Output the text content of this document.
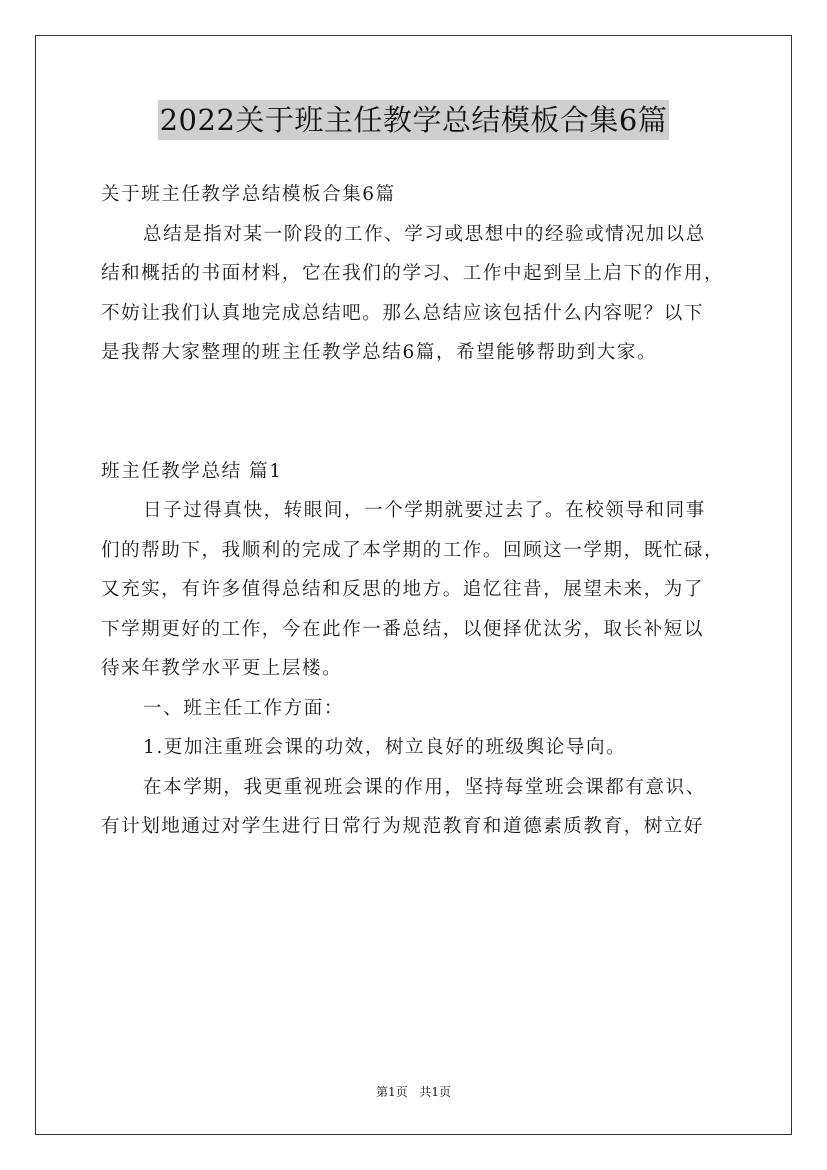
2022关于班主任教学总结模板合集6篇
关于班主任教学总结模板合集6篇
总结是指对某一阶段的工作、学习或思想中的经验或情况加以总
结和概括的书面材料，它在我们的学习、工作中起到呈上启下的作用，
不妨让我们认真地完成总结吧。那么总结应该包括什么内容呢？以下
是我帮大家整理的班主任教学总结6篇，希望能够帮助到大家。
班主任教学总结 篇1
日子过得真快，转眼间，一个学期就要过去了。在校领导和同事
们的帮助下，我顺利的完成了本学期的工作。回顾这一学期，既忙碌，
又充实，有许多值得总结和反思的地方。追忆往昔，展望未来，为了
下学期更好的工作，今在此作一番总结，以便择优汰劣，取长补短以
待来年教学水平更上层楼。
一、班主任工作方面：
1.更加注重班会课的功效，树立良好的班级舆论导向。
在本学期，我更重视班会课的作用，坚持每堂班会课都有意识、
有计划地通过对学生进行日常行为规范教育和道德素质教育，树立好
第1页 共1页
